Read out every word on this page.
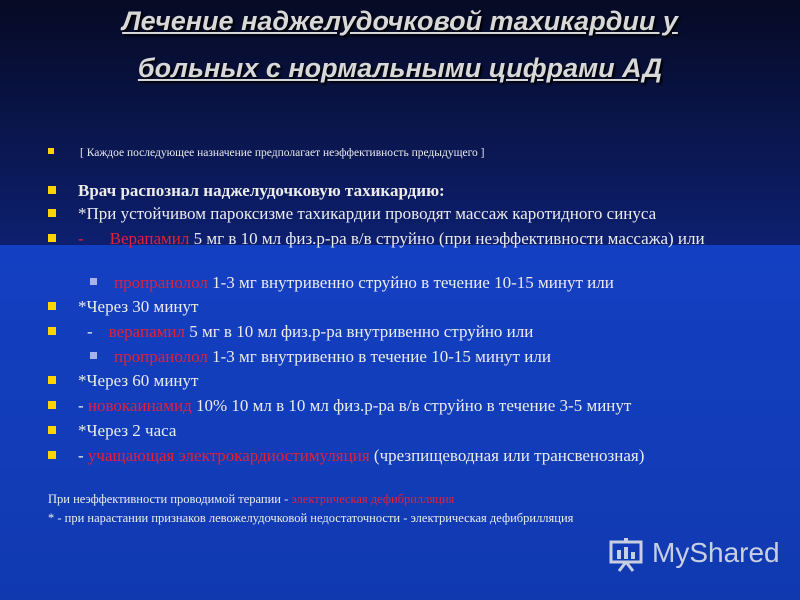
Лечение наджелудочковой тахикардии у
больных с нормальными цифрами АД
[ Каждое последующее назначение предполагает неэффективность предыдущего ]
Врач распознал наджелудочковую тахикардию:
*При устойчивом пароксизме тахикардии проводят массаж каротидного синуса
- Верапамил 5 мг в 10 мл физ.р-ра в/в струйно (при неэффективности массажа) или
пропранолол 1-3 мг внутривенно струйно в течение 10-15 минут или
*Через 30 минут
- верапамил 5 мг в 10 мл физ.р-ра внутривенно струйно или
пропранолол 1-3 мг внутривенно в течение 10-15 минут или
*Через 60 минут
- новокаинамид 10% 10 мл в 10 мл физ.р-ра в/в струйно в течение 3-5 минут
*Через 2 часа
- учащающая электрокардиостимуляция (чрезпищеводная или трансвенозная)
При неэффективности проводимой терапии - электрическая дефибрилляция
* - при нарастании признаков левожелудочковой недостаточности - электрическая дефибрилляция
MyShared
